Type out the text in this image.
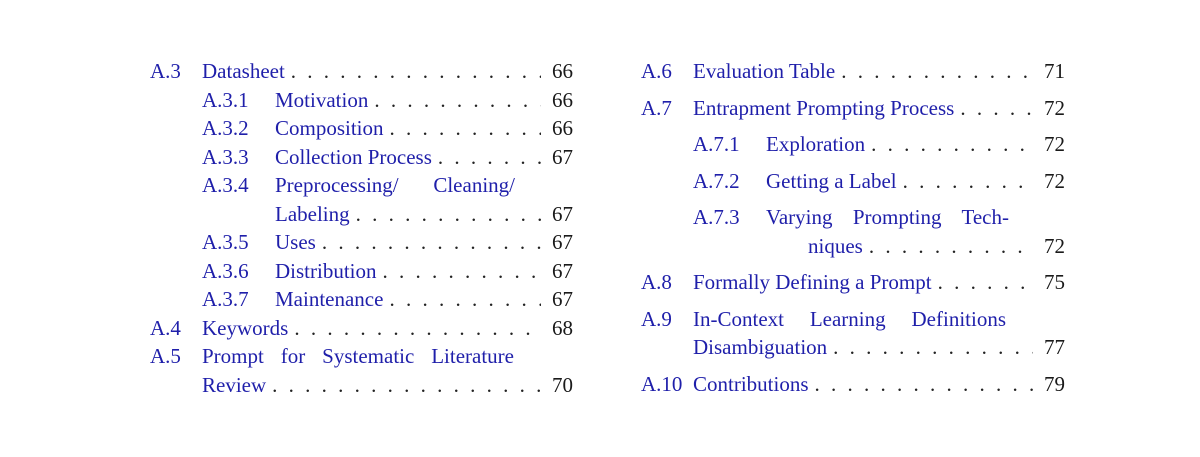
A.3 Datasheet . . .	66
A.3.1 Motivation . . .	66
A.3.2 Composition . . .	66
A.3.3 Collection Process . . .	67
A.3.4 Preprocessing/ Cleaning/
Labeling . . .	67
A.3.5 Uses . . .	67
A.3.6 Distribution . . .	67
A.3.7 Maintenance . . .	67
A.4 Keywords . . .	68
A.5 Prompt for Systematic Literature
Review . . .	70
A.6 Evaluation Table . . .	71
A.7 Entrapment Prompting Process . . .	72
A.7.1 Exploration . . .	72
A.7.2 Getting a Label . . .	72
A.7.3 Varying Prompting Tech-
niques . . .	72
A.8 Formally Defining a Prompt . . .	75
A.9 In-Context Learning Definitions
Disambiguation . . .	77
A.10 Contributions . . .	79
